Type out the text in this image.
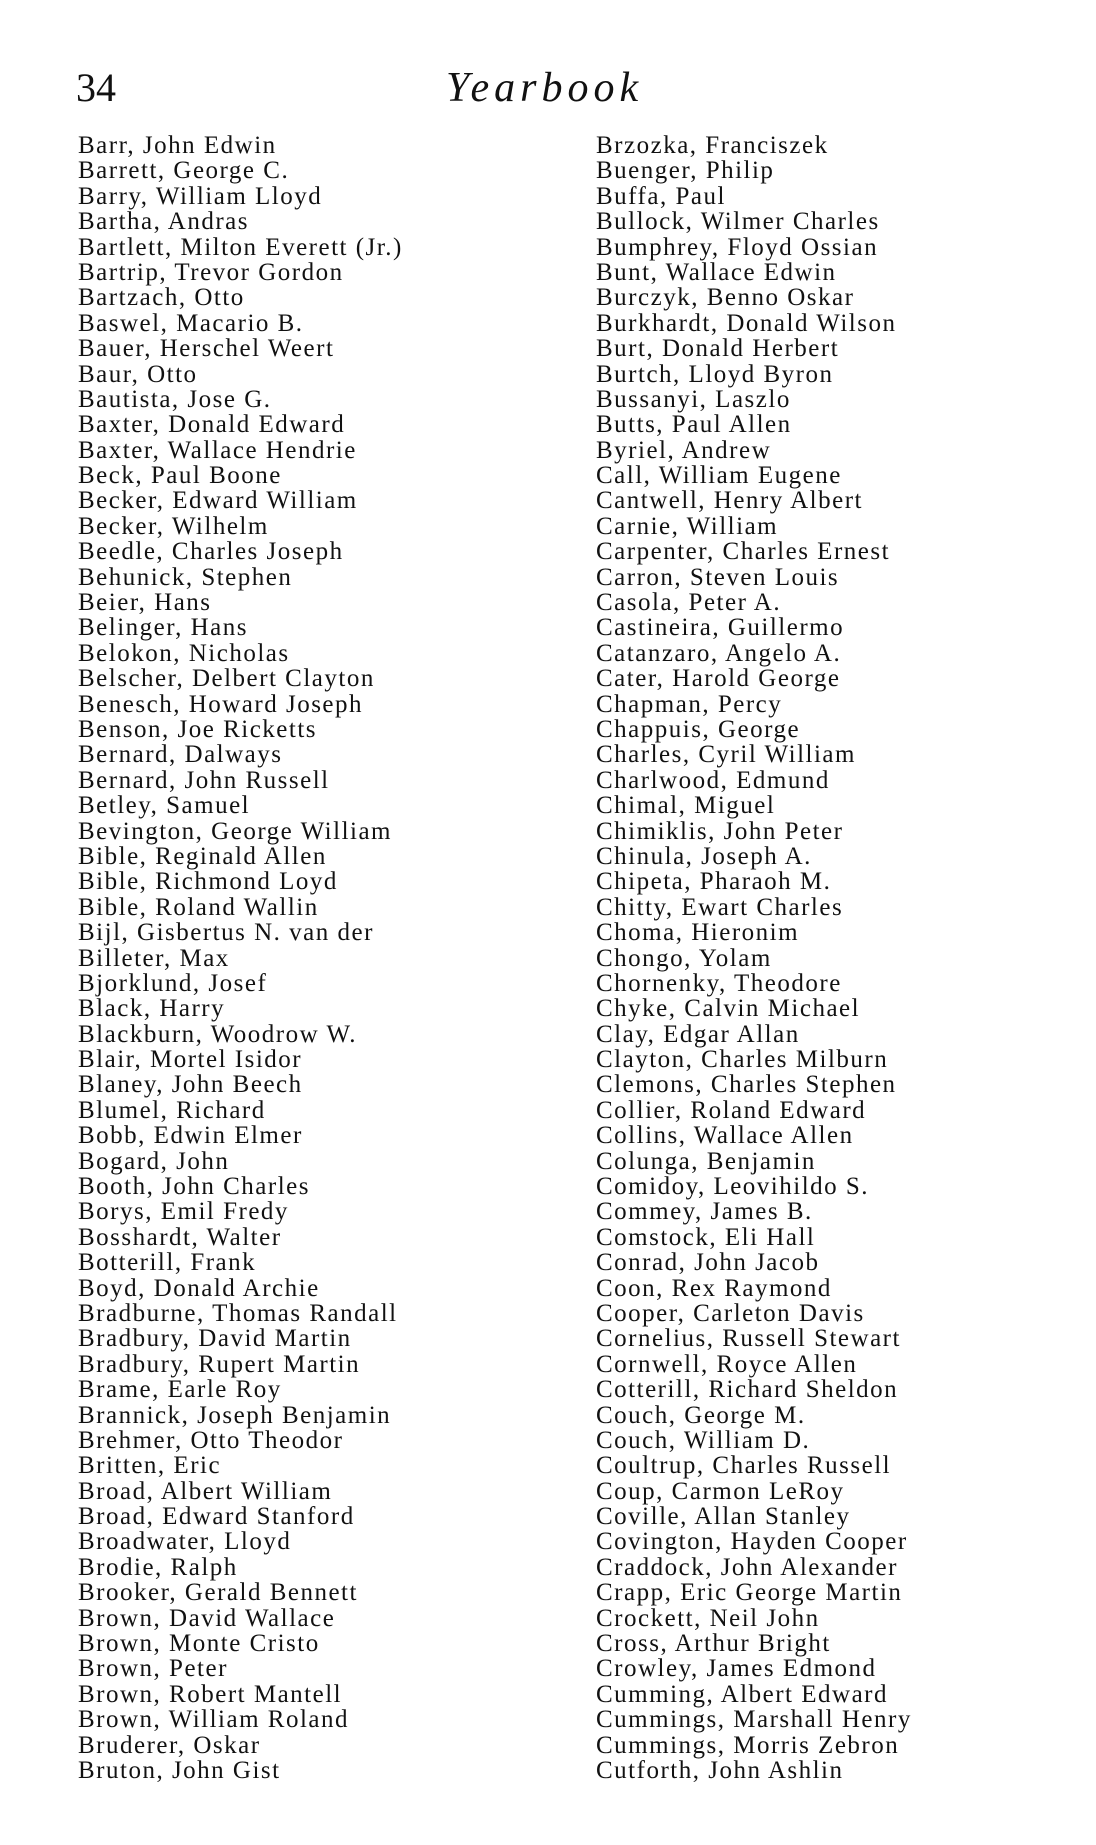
34	Yearbook
Barr, John Edwin
Barrett, George C.
Barry, William Lloyd
Bartha, Andras
Bartlett, Milton Everett (Jr.)
Bartrip, Trevor Gordon
Bartzach, Otto
Baswel, Macario B.
Bauer, Herschel Weert
Baur, Otto
Bautista, Jose G.
Baxter, Donald Edward
Baxter, Wallace Hendrie
Beck, Paul Boone
Becker, Edward William
Becker, Wilhelm
Beedle, Charles Joseph
Behunick, Stephen
Beier, Hans
Belinger, Hans
Belokon, Nicholas
Belscher, Delbert Clayton
Benesch, Howard Joseph
Benson, Joe Ricketts
Bernard, Dalways
Bernard, John Russell
Betley, Samuel
Bevington, George William
Bible, Reginald Allen
Bible, Richmond Loyd
Bible, Roland Wallin
Bijl, Gisbertus N. van der
Billeter, Max
Bjorklund, Josef
Black, Harry
Blackburn, Woodrow W.
Blair, Mortel Isidor
Blaney, John Beech
Blumel, Richard
Bobb, Edwin Elmer
Bogard, John
Booth, John Charles
Borys, Emil Fredy
Bosshardt, Walter
Botterill, Frank
Boyd, Donald Archie
Bradburne, Thomas Randall
Bradbury, David Martin
Bradbury, Rupert Martin
Brame, Earle Roy
Brannick, Joseph Benjamin
Brehmer, Otto Theodor
Britten, Eric
Broad, Albert William
Broad, Edward Stanford
Broadwater, Lloyd
Brodie, Ralph
Brooker, Gerald Bennett
Brown, David Wallace
Brown, Monte Cristo
Brown, Peter
Brown, Robert Mantell
Brown, William Roland
Bruderer, Oskar
Bruton, John Gist
Brzozka, Franciszek
Buenger, Philip
Buffa, Paul
Bullock, Wilmer Charles
Bumphrey, Floyd Ossian
Bunt, Wallace Edwin
Burczyk, Benno Oskar
Burkhardt, Donald Wilson
Burt, Donald Herbert
Burtch, Lloyd Byron
Bussanyi, Laszlo
Butts, Paul Allen
Byriel, Andrew
Call, William Eugene
Cantwell, Henry Albert
Carnie, William
Carpenter, Charles Ernest
Carron, Steven Louis
Casola, Peter A.
Castineira, Guillermo
Catanzaro, Angelo A.
Cater, Harold George
Chapman, Percy
Chappuis, George
Charles, Cyril William
Charlwood, Edmund
Chimal, Miguel
Chimiklis, John Peter
Chinula, Joseph A.
Chipeta, Pharaoh M.
Chitty, Ewart Charles
Choma, Hieronim
Chongo, Yolam
Chornenky, Theodore
Chyke, Calvin Michael
Clay, Edgar Allan
Clayton, Charles Milburn
Clemons, Charles Stephen
Collier, Roland Edward
Collins, Wallace Allen
Colunga, Benjamin
Comidoy, Leovihildo S.
Commey, James B.
Comstock, Eli Hall
Conrad, John Jacob
Coon, Rex Raymond
Cooper, Carleton Davis
Cornelius, Russell Stewart
Cornwell, Royce Allen
Cotterill, Richard Sheldon
Couch, George M.
Couch, William D.
Coultrup, Charles Russell
Coup, Carmon LeRoy
Coville, Allan Stanley
Covington, Hayden Cooper
Craddock, John Alexander
Crapp, Eric George Martin
Crockett, Neil John
Cross, Arthur Bright
Crowley, James Edmond
Cumming, Albert Edward
Cummings, Marshall Henry
Cummings, Morris Zebron
Cutforth, John Ashlin
